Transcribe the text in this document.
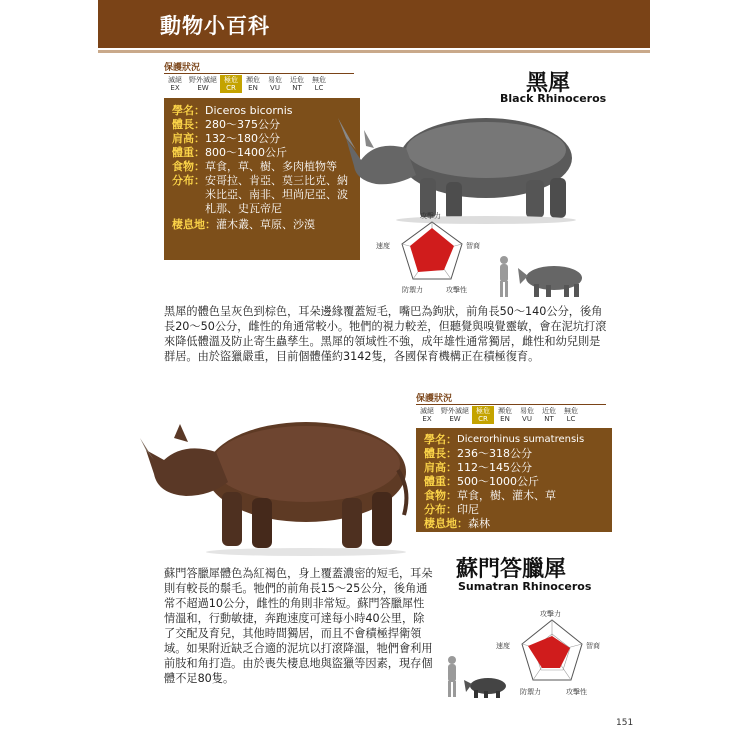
動物小百科
保護狀況
滅絕
EX
野外滅絕
EW
極危
CR
瀕危
EN
易危
VU
近危
NT
無危
LC
學名： Diceros bicornis
體長： 280～375公分
肩高： 132～180公分
體重： 800～1400公斤
食物： 草食，草、樹、多肉植物等
分布： 安哥拉、肯亞、莫三比克、納米比亞、南非、坦尚尼亞、波札那、史瓦帝尼
棲息地： 灌木叢、草原、沙漠
黑犀
Black Rhinoceros
攻擊力
智商
攻擊性
防禦力
速度
黑犀的體色呈灰色到棕色，耳朵邊緣覆蓋短毛，嘴巴為鉤狀，前角長50～140公分，後角長20～50公分，雌性的角通常較小。牠們的視力較差，但聽覺與嗅覺靈敏，會在泥坑打滾來降低體溫及防止寄生蟲孳生。黑犀的領域性不強，成年雄性通常獨居，雌性和幼兒則是群居。由於盜獵嚴重，目前個體僅約3142隻，各國保育機構正在積極復育。
保護狀況
滅絕
EX
野外滅絕
EW
極危
CR
瀕危
EN
易危
VU
近危
NT
無危
LC
學名： Dicerorhinus sumatrensis
體長： 236～318公分
肩高： 112～145公分
體重： 500～1000公斤
食物： 草食，樹、灌木、草
分布： 印尼
棲息地： 森林
蘇門答臘犀體色為紅褐色，身上覆蓋濃密的短毛，耳朵則有較長的鬃毛。牠們的前角長15～25公分，後角通常不超過10公分，雌性的角則非常短。蘇門答臘犀性情溫和，行動敏捷，奔跑速度可達每小時40公里，除了交配及育兒，其他時間獨居，而且不會積極捍衛領域。如果附近缺乏合適的泥坑以打滾降溫，牠們會利用前肢和角打造。由於喪失棲息地與盜獵等因素，現存個體不足80隻。
蘇門答臘犀
Sumatran Rhinoceros
攻擊力
智商
攻擊性
防禦力
速度
151
